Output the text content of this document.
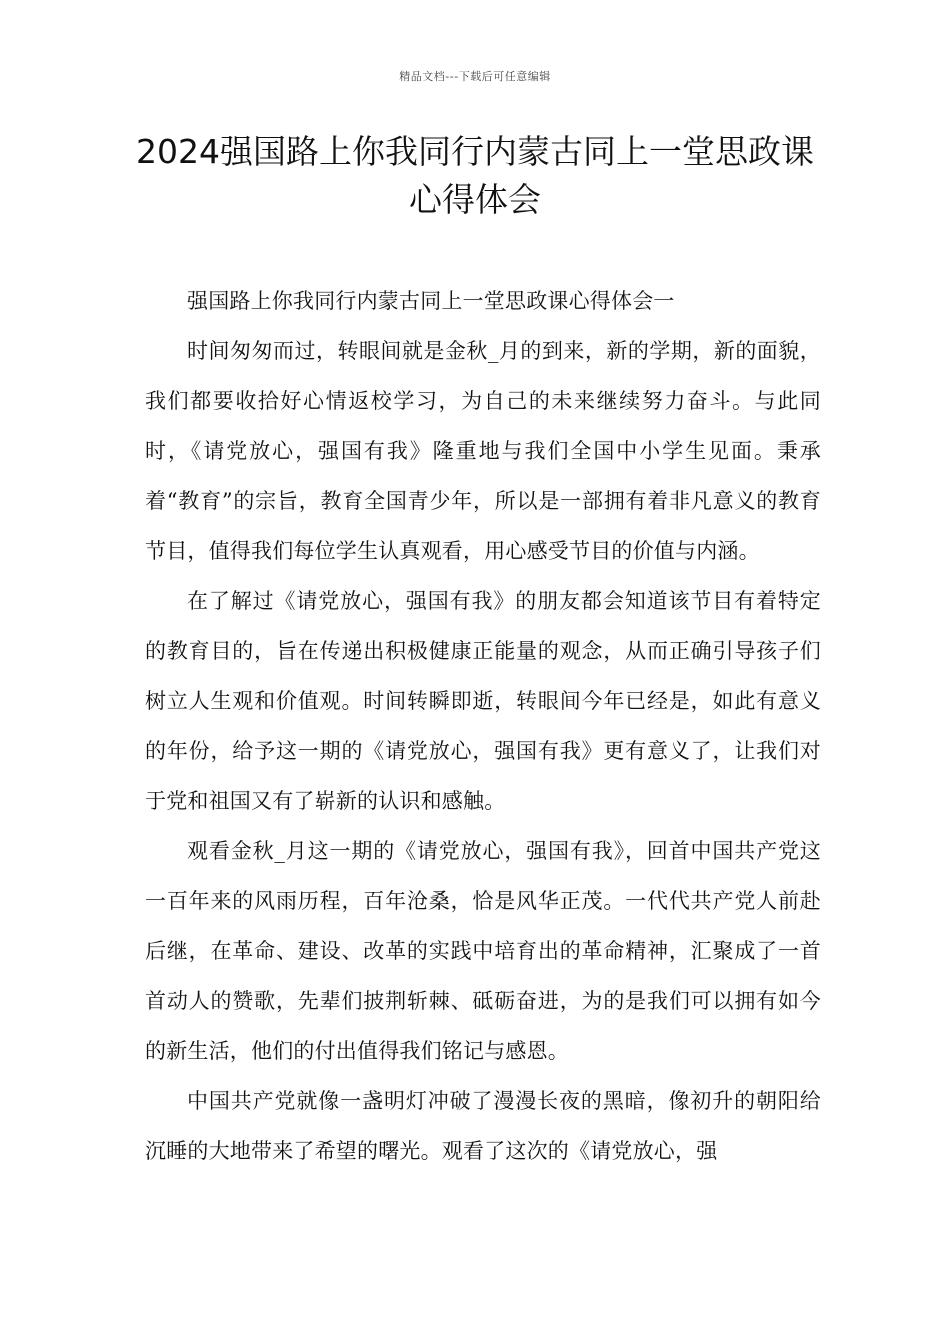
精品文档---下载后可任意编辑
2024强国路上你我同行内蒙古同上一堂思政课心得体会

强国路上你我同行内蒙古同上一堂思政课心得体会一

时间匆匆而过，转眼间就是金秋_月的到来，新的学期，新的面貌，我们都要收拾好心情返校学习，为自己的未来继续努力奋斗。与此同时，《请党放心，强国有我》隆重地与我们全国中小学生见面。秉承着“教育”的宗旨，教育全国青少年，所以是一部拥有着非凡意义的教育节目，值得我们每位学生认真观看，用心感受节目的价值与内涵。

在了解过《请党放心，强国有我》的朋友都会知道该节目有着特定的教育目的，旨在传递出积极健康正能量的观念，从而正确引导孩子们树立人生观和价值观。时间转瞬即逝，转眼间今年已经是，如此有意义的年份，给予这一期的《请党放心，强国有我》更有意义了，让我们对于党和祖国又有了崭新的认识和感触。

观看金秋_月这一期的《请党放心，强国有我》，回首中国共产党这一百年来的风雨历程，百年沧桑，恰是风华正茂。一代代共产党人前赴后继，在革命、建设、改革的实践中培育出的革命精神，汇聚成了一首首动人的赞歌，先辈们披荆斩棘、砥砺奋进，为的是我们可以拥有如今的新生活，他们的付出值得我们铭记与感恩。

中国共产党就像一盏明灯冲破了漫漫长夜的黑暗，像初升的朝阳给沉睡的大地带来了希望的曙光。观看了这次的《请党放心，强
